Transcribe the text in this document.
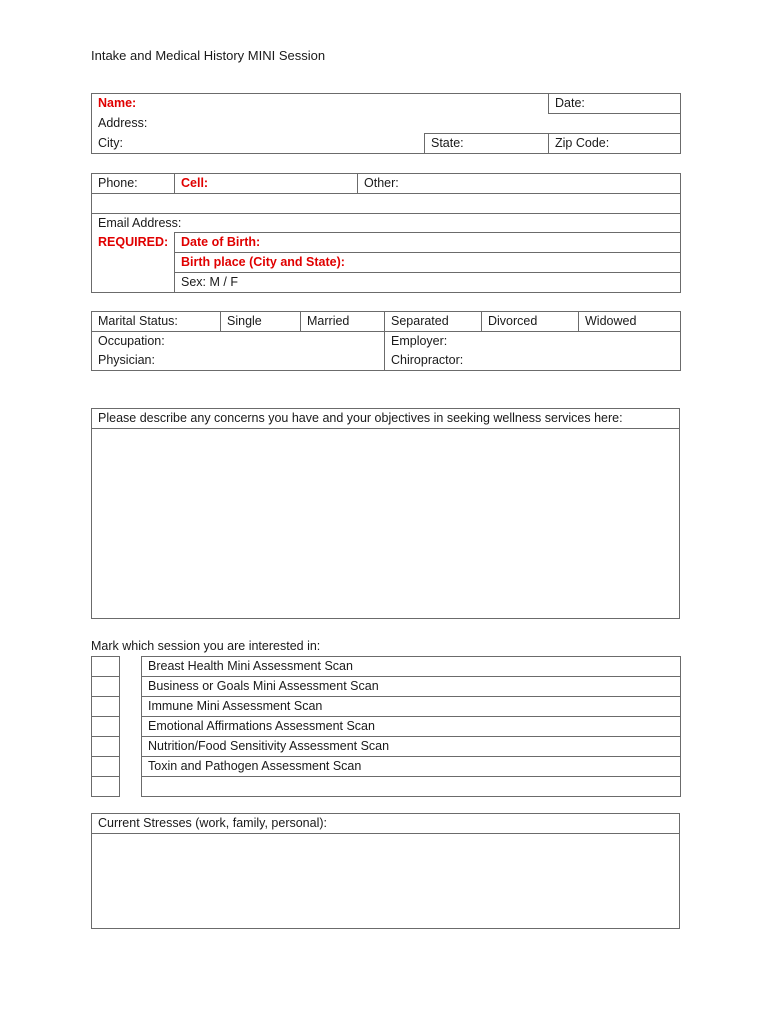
Intake and Medical History MINI Session
Name:		Date:
Address:		
City:	State:	Zip Code:
Phone:	Cell:	Other:

Email Address:
REQUIRED:	Date of Birth:
	Birth place (City and State):
	Sex: M / F
Marital Status:	Single	Married	Separated	Divorced	Widowed
Occupation:			Employer:		
Physician:			Chiropractor:		
Please describe any concerns you have and your objectives in seeking wellness services here:
Mark which session you are interested in:
		Breast Health Mini Assessment Scan
		Business or Goals Mini Assessment Scan
		Immune Mini Assessment Scan
		Emotional Affirmations Assessment Scan
		Nutrition/Food Sensitivity Assessment Scan
		Toxin and Pathogen Assessment Scan

Current Stresses (work, family, personal):
